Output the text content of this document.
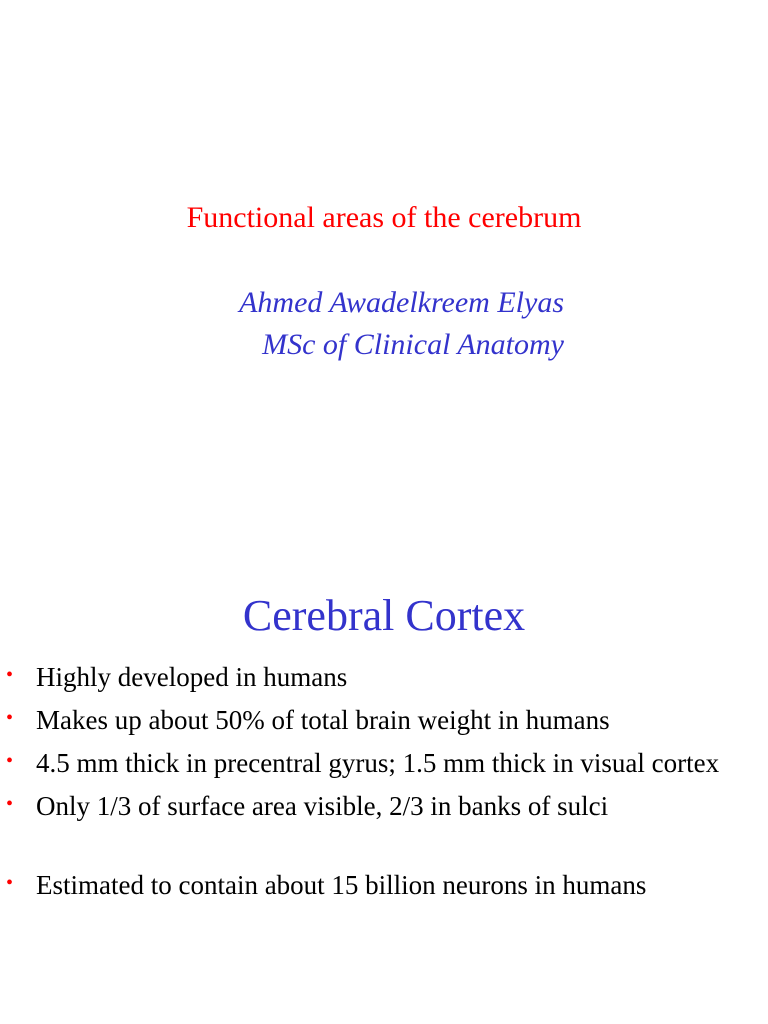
Functional areas of the cerebrum
Ahmed Awadelkreem Elyas
MSc of Clinical Anatomy
Cerebral Cortex
• Highly developed in humans
• Makes up about 50% of total brain weight in humans
• 4.5 mm thick in precentral gyrus; 1.5 mm thick in visual cortex
• Only 1/3 of surface area visible, 2/3 in banks of sulci
• Estimated to contain about 15 billion neurons in humans
